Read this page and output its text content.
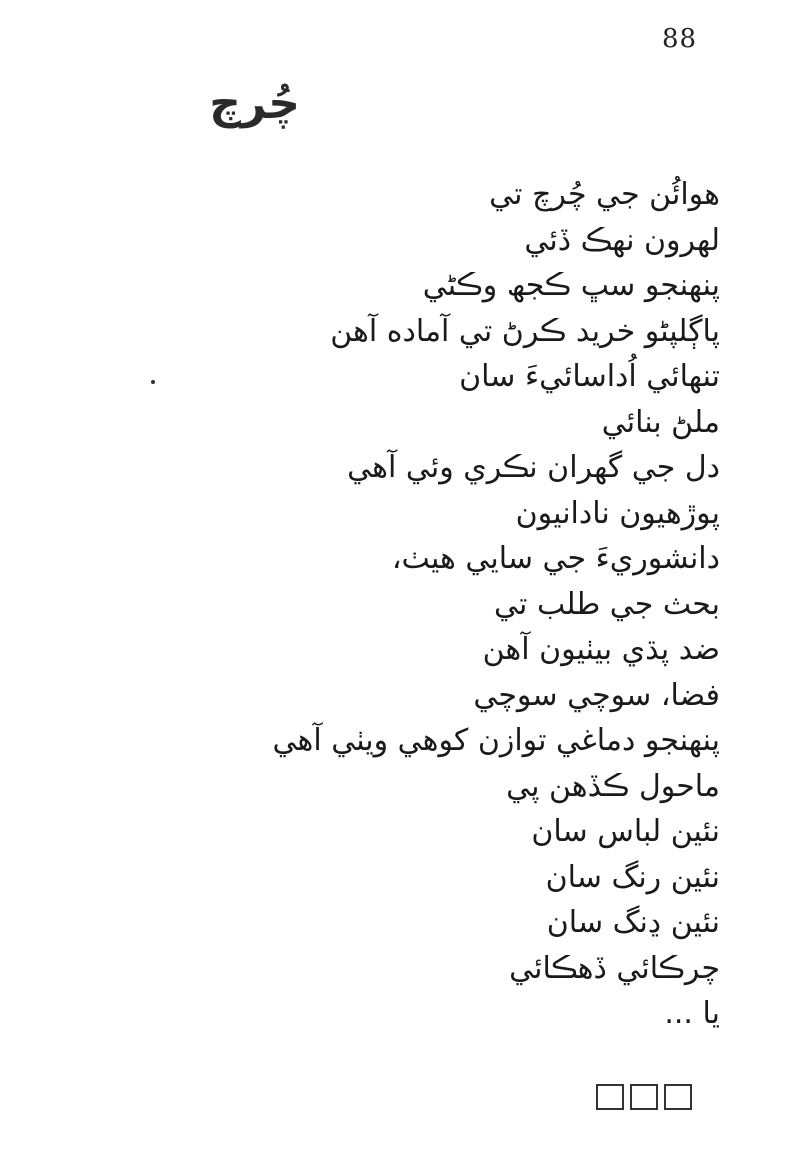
88
چُرچ
هوائُن جي چُرچ تي
لهرون نهڪ ڏئي
پنهنجو سڀ ڪجھ وڪڻي
پاڳلپڻو خريد ڪرڻ تي آماده آهن
تنهائي اُداسائيءَ سان
ملڻ بنائي
دل جي گهران نڪري وئي آهي
پوڙهيون نادانيون
دانشوريءَ جي سايي هيٺ،
بحث جي طلب تي
ضد پڌي بيٺيون آهن
فضا، سوچي سوچي
پنهنجو دماغي توازن کوهي ويٺي آهي
ماحول ڪڏهن پي
نئين لباس سان
نئين رنگ سان
نئين ڍنگ سان
چرڪائي ڏهڪائي
يا ...
